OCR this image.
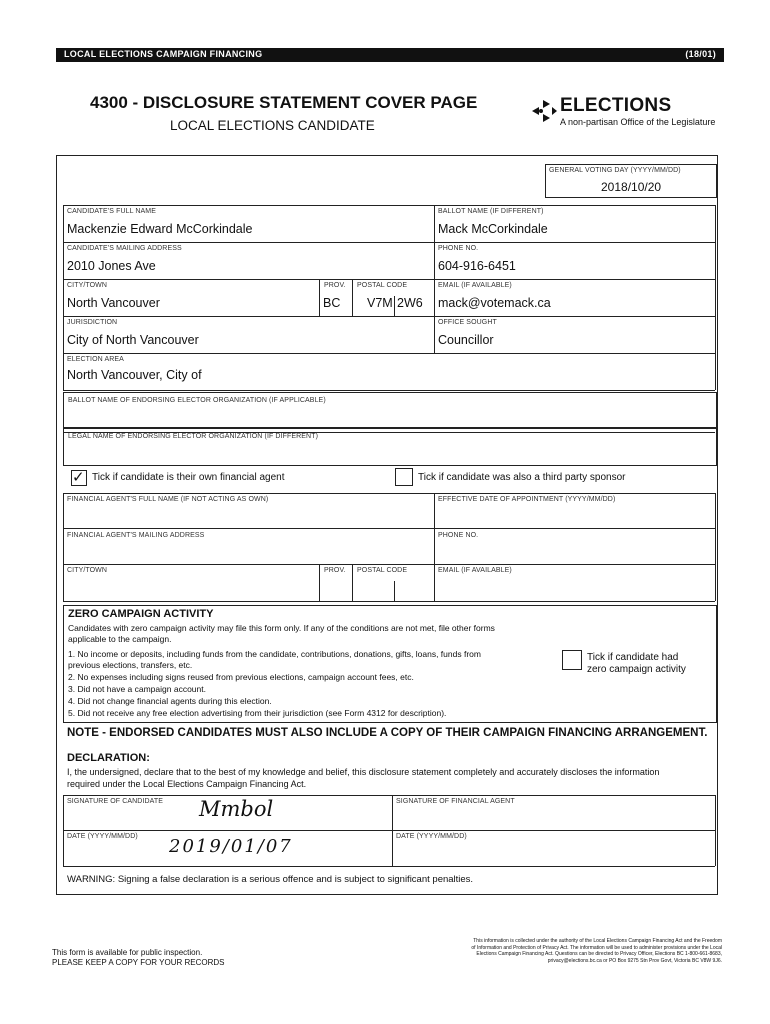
LOCAL ELECTIONS CAMPAIGN FINANCING	(18/01)
4300 - DISCLOSURE STATEMENT COVER PAGE
LOCAL ELECTIONS CANDIDATE
ELECTIONS
A non-partisan Office of the Legislature
GENERAL VOTING DAY (YYYY/MM/DD)
2018/10/20
CANDIDATE'S FULL NAME
Mackenzie Edward McCorkindale
BALLOT NAME (IF DIFFERENT)
Mack McCorkindale
CANDIDATE'S MAILING ADDRESS
2010 Jones Ave
PHONE NO.
604-916-6451
CITY/TOWN
North Vancouver
PROV.
BC
POSTAL CODE
V7M 2W6
EMAIL (IF AVAILABLE)
mack@votemack.ca
JURISDICTION
City of North Vancouver
OFFICE SOUGHT
Councillor
ELECTION AREA
North Vancouver, City of
BALLOT NAME OF ENDORSING ELECTOR ORGANIZATION (IF APPLICABLE)
LEGAL NAME OF ENDORSING ELECTOR ORGANIZATION (IF DIFFERENT)
✓ Tick if candidate is their own financial agent	Tick if candidate was also a third party sponsor
FINANCIAL AGENT'S FULL NAME (IF NOT ACTING AS OWN)	EFFECTIVE DATE OF APPOINTMENT (YYYY/MM/DD)
FINANCIAL AGENT'S MAILING ADDRESS	PHONE NO.
CITY/TOWN	PROV. POSTAL CODE	EMAIL (IF AVAILABLE)
ZERO CAMPAIGN ACTIVITY
Candidates with zero campaign activity may file this form only. If any of the conditions are not met, file other forms
applicable to the campaign.
1. No income or deposits, including funds from the candidate, contributions, donations, gifts, loans, funds from
previous elections, transfers, etc.
2. No expenses including signs reused from previous elections, campaign account fees, etc.
3. Did not have a campaign account.
4. Did not change financial agents during this election.
5. Did not receive any free election advertising from their jurisdiction (see Form 4312 for description).
Tick if candidate had
zero campaign activity
NOTE - ENDORSED CANDIDATES MUST ALSO INCLUDE A COPY OF THEIR CAMPAIGN FINANCING ARRANGEMENT.
DECLARATION:
I, the undersigned, declare that to the best of my knowledge and belief, this disclosure statement completely and accurately discloses the information
required under the Local Elections Campaign Financing Act.
SIGNATURE OF CANDIDATE Mmbol	SIGNATURE OF FINANCIAL AGENT
DATE (YYYY/MM/DD) 2019/01/07	DATE (YYYY/MM/DD)
WARNING: Signing a false declaration is a serious offence and is subject to significant penalties.
This form is available for public inspection.
PLEASE KEEP A COPY FOR YOUR RECORDS
This information is collected under the authority of the Local Elections Campaign Financing Act and the Freedom
of Information and Protection of Privacy Act. The information will be used to administer provisions under the Local
Elections Campaign Financing Act. Questions can be directed to Privacy Officer, Elections BC 1-800-661-8683,
privacy@elections.bc.ca or PO Box 9275 Stn Prov Govt, Victoria BC V8W 9J6.
